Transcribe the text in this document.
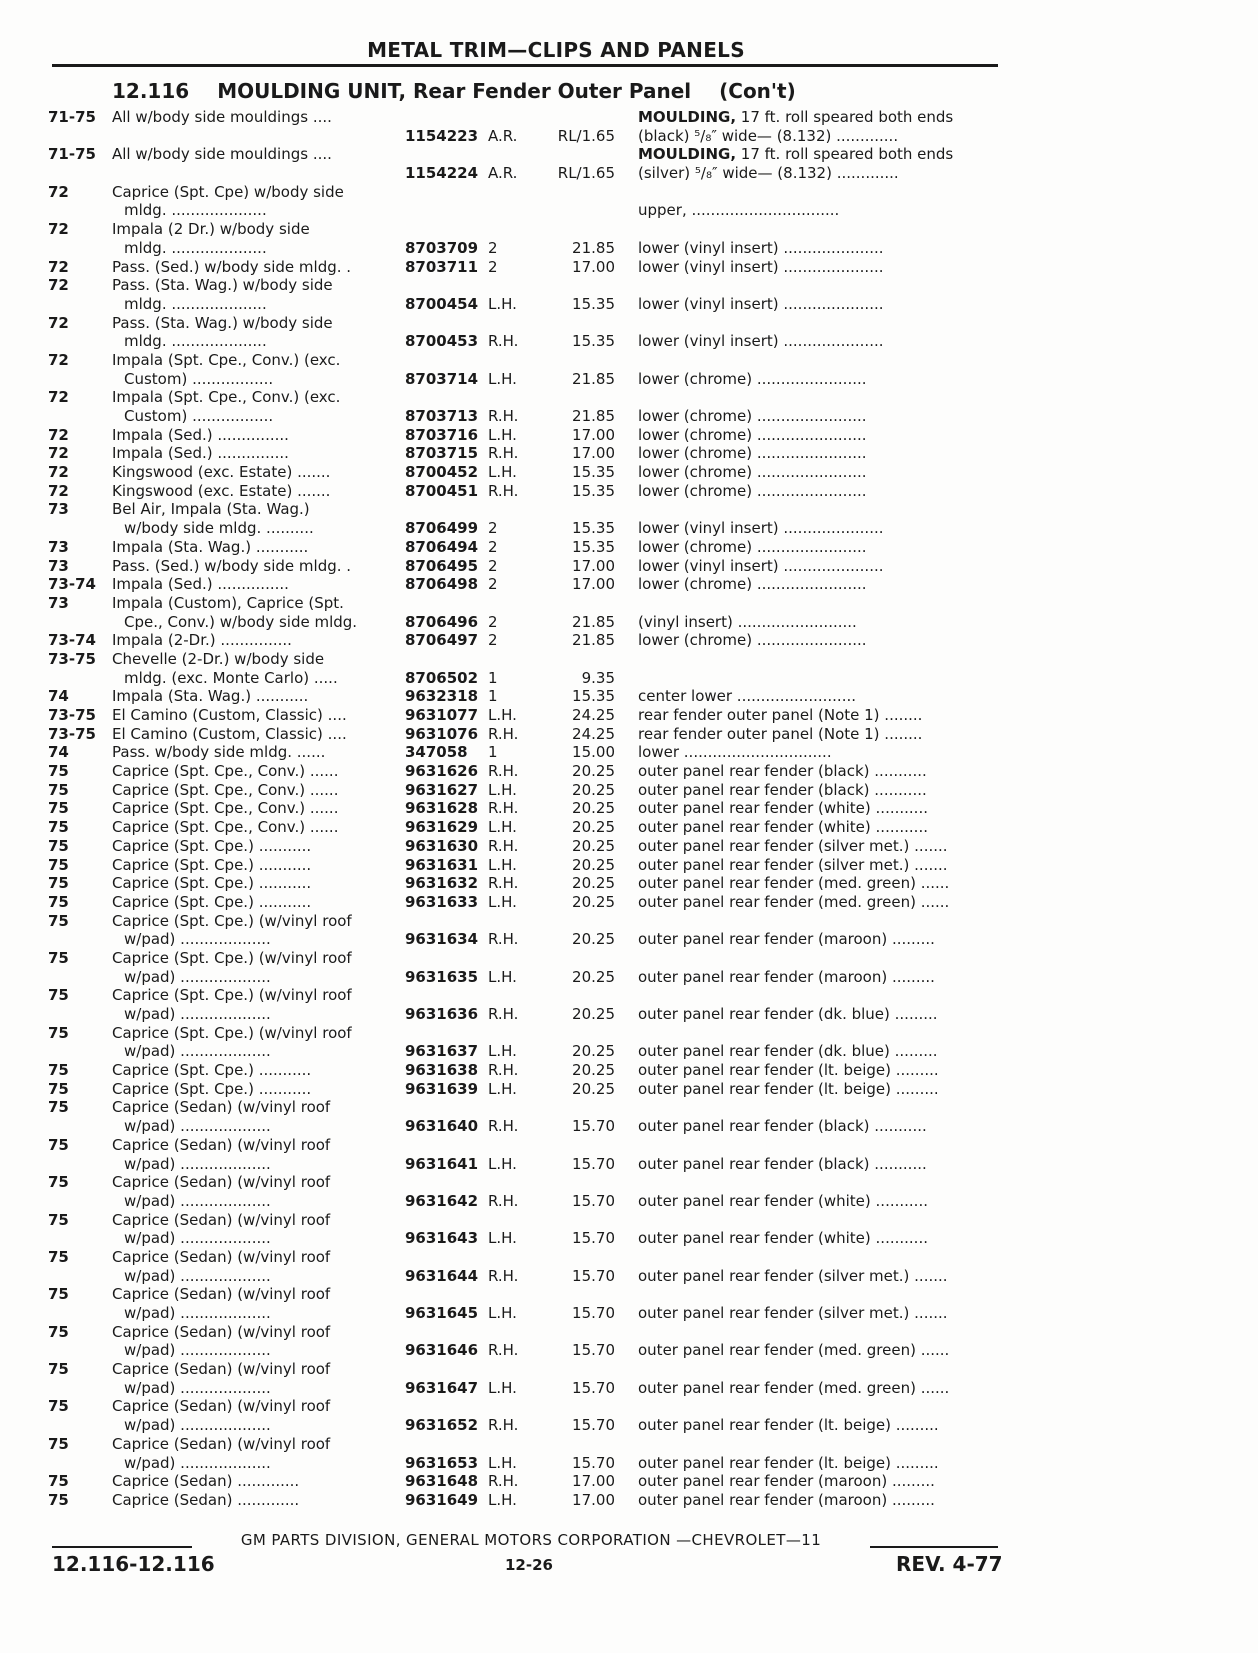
METAL TRIM—CLIPS AND PANELS
12.116 MOULDING UNIT, Rear Fender Outer Panel (Con't)
71-75	All w/body side mouldings ....	MOULDING, 17 ft. roll speared both ends
1154223 A.R.	RL/1.65 (black) ⁵/₈″ wide— (8.132) .............
71-75	All w/body side mouldings ....	MOULDING, 17 ft. roll speared both ends
1154224 A.R.	RL/1.65 (silver) ⁵/₈″ wide— (8.132) .............
72	Caprice (Spt. Cpe) w/body side
mldg. ....................	upper, ...............................
72	Impala (2 Dr.) w/body side
mldg. ....................	8703709 2	21.85 lower (vinyl insert) .....................
72	Pass. (Sed.) w/body side mldg. .	8703711 2	17.00 lower (vinyl insert) .....................
72	Pass. (Sta. Wag.) w/body side
mldg. ....................	8700454 L.H.	15.35 lower (vinyl insert) .....................
72	Pass. (Sta. Wag.) w/body side
mldg. ....................	8700453 R.H.	15.35 lower (vinyl insert) .....................
72	Impala (Spt. Cpe., Conv.) (exc.
Custom) .................	8703714 L.H.	21.85 lower (chrome) .......................
72	Impala (Spt. Cpe., Conv.) (exc.
Custom) .................	8703713 R.H.	21.85 lower (chrome) .......................
72	Impala (Sed.) ...............	8703716 L.H.	17.00 lower (chrome) .......................
72	Impala (Sed.) ...............	8703715 R.H.	17.00 lower (chrome) .......................
72	Kingswood (exc. Estate) .......	8700452 L.H.	15.35 lower (chrome) .......................
72	Kingswood (exc. Estate) .......	8700451 R.H.	15.35 lower (chrome) .......................
73	Bel Air, Impala (Sta. Wag.)
w/body side mldg. ..........	8706499 2	15.35 lower (vinyl insert) .....................
73	Impala (Sta. Wag.) ...........	8706494 2	15.35 lower (chrome) .......................
73	Pass. (Sed.) w/body side mldg. .	8706495 2	17.00 lower (vinyl insert) .....................
73-74	Impala (Sed.) ...............	8706498 2	17.00 lower (chrome) .......................
73	Impala (Custom), Caprice (Spt.
Cpe., Conv.) w/body side mldg.	8706496 2	21.85 (vinyl insert) .........................
73-74	Impala (2-Dr.) ...............	8706497 2	21.85 lower (chrome) .......................
73-75	Chevelle (2-Dr.) w/body side
mldg. (exc. Monte Carlo) .....	8706502 1	9.35
74	Impala (Sta. Wag.) ...........	9632318 1	15.35 center lower .........................
73-75	El Camino (Custom, Classic) ....	9631077 L.H.	24.25 rear fender outer panel (Note 1) ........
73-75	El Camino (Custom, Classic) ....	9631076 R.H.	24.25 rear fender outer panel (Note 1) ........
74	Pass. w/body side mldg. ......	347058 1	15.00 lower ...............................
75	Caprice (Spt. Cpe., Conv.) ......	9631626 R.H.	20.25 outer panel rear fender (black) ...........
75	Caprice (Spt. Cpe., Conv.) ......	9631627 L.H.	20.25 outer panel rear fender (black) ...........
75	Caprice (Spt. Cpe., Conv.) ......	9631628 R.H.	20.25 outer panel rear fender (white) ...........
75	Caprice (Spt. Cpe., Conv.) ......	9631629 L.H.	20.25 outer panel rear fender (white) ...........
75	Caprice (Spt. Cpe.) ...........	9631630 R.H.	20.25 outer panel rear fender (silver met.) .......
75	Caprice (Spt. Cpe.) ...........	9631631 L.H.	20.25 outer panel rear fender (silver met.) .......
75	Caprice (Spt. Cpe.) ...........	9631632 R.H.	20.25 outer panel rear fender (med. green) ......
75	Caprice (Spt. Cpe.) ...........	9631633 L.H.	20.25 outer panel rear fender (med. green) ......
75	Caprice (Spt. Cpe.) (w/vinyl roof
w/pad) ...................	9631634 R.H.	20.25 outer panel rear fender (maroon) .........
75	Caprice (Spt. Cpe.) (w/vinyl roof
w/pad) ...................	9631635 L.H.	20.25 outer panel rear fender (maroon) .........
75	Caprice (Spt. Cpe.) (w/vinyl roof
w/pad) ...................	9631636 R.H.	20.25 outer panel rear fender (dk. blue) .........
75	Caprice (Spt. Cpe.) (w/vinyl roof
w/pad) ...................	9631637 L.H.	20.25 outer panel rear fender (dk. blue) .........
75	Caprice (Spt. Cpe.) ...........	9631638 R.H.	20.25 outer panel rear fender (lt. beige) .........
75	Caprice (Spt. Cpe.) ...........	9631639 L.H.	20.25 outer panel rear fender (lt. beige) .........
75	Caprice (Sedan) (w/vinyl roof
w/pad) ...................	9631640 R.H.	15.70 outer panel rear fender (black) ...........
75	Caprice (Sedan) (w/vinyl roof
w/pad) ...................	9631641 L.H.	15.70 outer panel rear fender (black) ...........
75	Caprice (Sedan) (w/vinyl roof
w/pad) ...................	9631642 R.H.	15.70 outer panel rear fender (white) ...........
75	Caprice (Sedan) (w/vinyl roof
w/pad) ...................	9631643 L.H.	15.70 outer panel rear fender (white) ...........
75	Caprice (Sedan) (w/vinyl roof
w/pad) ...................	9631644 R.H.	15.70 outer panel rear fender (silver met.) .......
75	Caprice (Sedan) (w/vinyl roof
w/pad) ...................	9631645 L.H.	15.70 outer panel rear fender (silver met.) .......
75	Caprice (Sedan) (w/vinyl roof
w/pad) ...................	9631646 R.H.	15.70 outer panel rear fender (med. green) ......
75	Caprice (Sedan) (w/vinyl roof
w/pad) ...................	9631647 L.H.	15.70 outer panel rear fender (med. green) ......
75	Caprice (Sedan) (w/vinyl roof
w/pad) ...................	9631652 R.H.	15.70 outer panel rear fender (lt. beige) .........
75	Caprice (Sedan) (w/vinyl roof
w/pad) ...................	9631653 L.H.	15.70 outer panel rear fender (lt. beige) .........
75	Caprice (Sedan) .............	9631648 R.H.	17.00 outer panel rear fender (maroon) .........
75	Caprice (Sedan) .............	9631649 L.H.	17.00 outer panel rear fender (maroon) .........
GM PARTS DIVISION, GENERAL MOTORS CORPORATION —CHEVROLET—11
12.116-12.116	12-26	REV. 4-77
